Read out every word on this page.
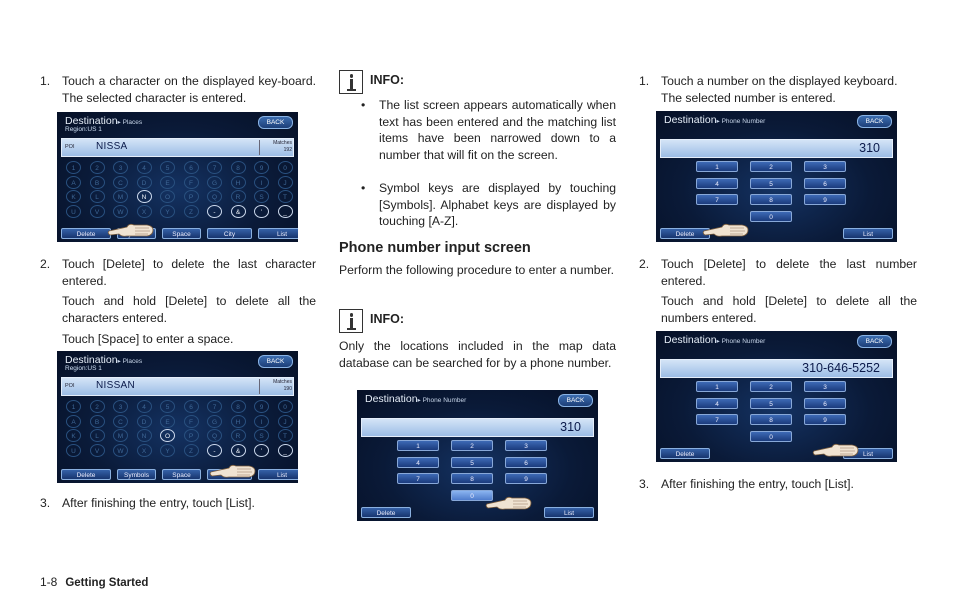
1. Touch a character on the displayed key-board. The selected character is entered.
Destination▸ Places	BACK
Region:US 1
POI NISSA	Matches
192
1	2	3	4	5	6	7	8	9	0
A	B	C	D	E	F	G	H	I	J
K	L	M	N	O	P	Q	R	S	T
U	V	W	X	Y	Z	-	&	’	_
Delete	Space	City	List
2. Touch [Delete] to delete the last character entered.
Touch and hold [Delete] to delete all the characters entered.
Touch [Space] to enter a space.
Destination▸ Places	BACK
Region:US 1
POI NISSAN	Matches
190
1	2	3	4	5	6	7	8	9	0
A	B	C	D	E	F	G	H	I	J
K	L	M	N	O	P	Q	R	S	T
U	V	W	X	Y	Z	-	&	’	_
Delete	Symbols	Space	List
3. After finishing the entry, touch [List].
INFO:
• The list screen appears automatically when text has been entered and the matching list items have been narrowed down to a number that will fit on the screen.
• Symbol keys are displayed by touching [Symbols]. Alphabet keys are displayed by touching [A-Z].
Phone number input screen
Perform the following procedure to enter a number.
INFO:
Only the locations included in the map data database can be searched for by a phone number.
Destination▸ Phone Number	BACK
310
1	2	3
4	5	6
7	8	9
0
Delete	List
1. Touch a number on the displayed keyboard. The selected number is entered.
Destination▸ Phone Number	BACK
310
1	2	3
4	5	6
7	8	9
0
Delete	List
2. Touch [Delete] to delete the last number entered.
Touch and hold [Delete] to delete all the numbers entered.
Destination▸ Phone Number	BACK
310-646-5252
1	2	3
4	5	6
7	8	9
0
Delete	List
3. After finishing the entry, touch [List].
1-8 Getting Started
